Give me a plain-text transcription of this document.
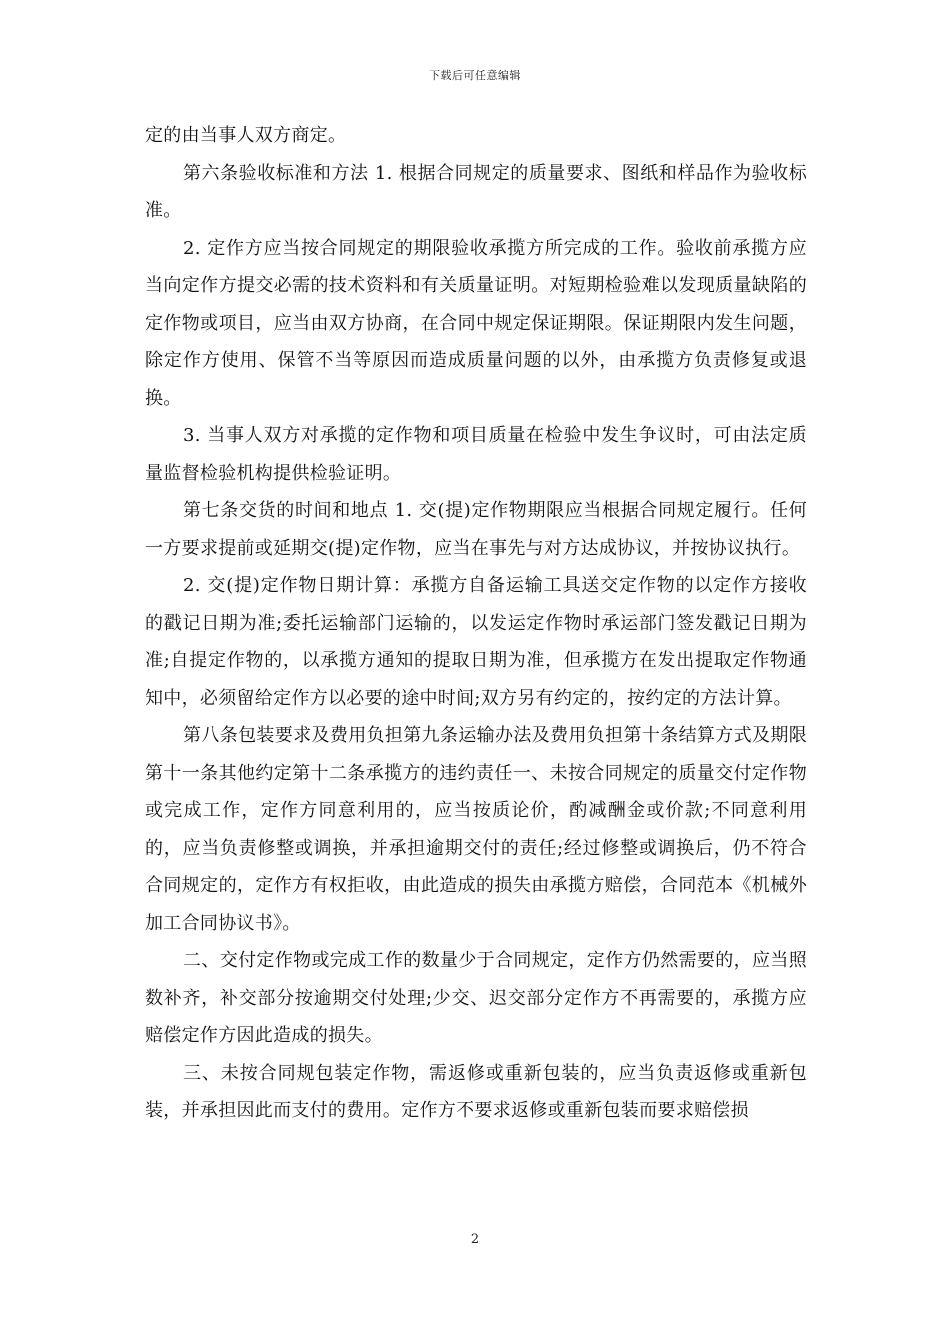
下载后可任意编辑

定的由当事人双方商定。

第六条验收标准和方法 1. 根据合同规定的质量要求、图纸和样品作为验收标准。

2. 定作方应当按合同规定的期限验收承揽方所完成的工作。验收前承揽方应当向定作方提交必需的技术资料和有关质量证明。对短期检验难以发现质量缺陷的定作物或项目，应当由双方协商，在合同中规定保证期限。保证期限内发生问题，除定作方使用、保管不当等原因而造成质量问题的以外，由承揽方负责修复或退换。

3. 当事人双方对承揽的定作物和项目质量在检验中发生争议时，可由法定质量监督检验机构提供检验证明。

第七条交货的时间和地点 1. 交(提)定作物期限应当根据合同规定履行。任何一方要求提前或延期交(提)定作物，应当在事先与对方达成协议，并按协议执行。

2. 交(提)定作物日期计算：承揽方自备运输工具送交定作物的以定作方接收的戳记日期为准;委托运输部门运输的，以发运定作物时承运部门签发戳记日期为准;自提定作物的，以承揽方通知的提取日期为准，但承揽方在发出提取定作物通知中，必须留给定作方以必要的途中时间;双方另有约定的，按约定的方法计算。

第八条包装要求及费用负担第九条运输办法及费用负担第十条结算方式及期限第十一条其他约定第十二条承揽方的违约责任一、未按合同规定的质量交付定作物或完成工作，定作方同意利用的，应当按质论价，酌减酬金或价款;不同意利用的，应当负责修整或调换，并承担逾期交付的责任;经过修整或调换后，仍不符合合同规定的，定作方有权拒收，由此造成的损失由承揽方赔偿，合同范本《机械外加工合同协议书》。

二、交付定作物或完成工作的数量少于合同规定，定作方仍然需要的，应当照数补齐，补交部分按逾期交付处理;少交、迟交部分定作方不再需要的，承揽方应赔偿定作方因此造成的损失。

三、未按合同规包装定作物，需返修或重新包装的，应当负责返修或重新包装，并承担因此而支付的费用。定作方不要求返修或重新包装而要求赔偿损

2
